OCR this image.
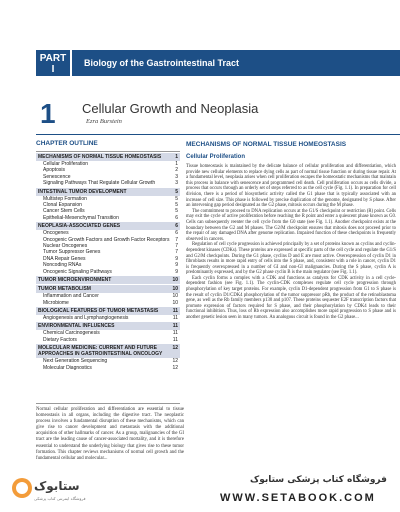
PART
I
Biology of the Gastrointestinal Tract
1 Cellular Growth and Neoplasia
Ezra Burstein
CHAPTER OUTLINE
MECHANISMS OF NORMAL TISSUE HOMEOSTASIS	1
Cellular Proliferation	1
Apoptosis	2
Senescence	3
Signaling Pathways That Regulate Cellular Growth	3
INTESTINAL TUMOR DEVELOPMENT	5
Multistep Formation	5
Clonal Expansion	5
Cancer Stem Cells	5
Epithelial-Mesenchymal Transition	6
NEOPLASIA-ASSOCIATED GENES	6
Oncogenes	6
Oncogenic Growth Factors and Growth Factor Receptors 7
Nuclear Oncogenes	7
Tumor Suppressor Genes	7
DNA Repair Genes	9
Noncoding RNAs	9
Oncogenic Signaling Pathways	9
TUMOR MICROENVIRONMENT	10
TUMOR METABOLISM	10
Inflammation and Cancer	10
Microbiome	10
BIOLOGICAL FEATURES OF TUMOR METASTASIS	11
Angiogenesis and Lymphangiogenesis	11
ENVIRONMENTAL INFLUENCES	11
Chemical Carcinogenesis	11
Dietary Factors	11
MOLECULAR MEDICINE: CURRENT AND FUTURE APPROACHES IN GASTROINTESTINAL ONCOLOGY
12
Next Generation Sequencing	12
Molecular Diagnostics	12
Normal cellular proliferation and differentiation are essential to tissue homeostasis in all organs, including the digestive tract. The neoplastic process involves a fundamental disruption of these mechanisms, which can give rise to cancer development and metastasis with the additional acquisition of other hallmarks of cancer. As a group, malignancies of the GI tract are the leading cause of cancer-associated mortality, and it is therefore essential to understand the underlying biology that gives rise to these tumor formation. This chapter reviews mechanisms of normal cell growth and the fundamental cellular and molecular...
MECHANISMS OF NORMAL TISSUE HOMEOSTASIS
Cellular Proliferation

Tissue homeostasis is maintained by the delicate balance of cellular proliferation and differentiation, which provide new cellular elements to replace dying cells as part of normal tissue function or during tissue repair. At a fundamental level, neoplasia arises when cell proliferation escapes the homeostatic mechanisms that maintain this process in balance with senescence and programmed cell death. Cell proliferation occurs as cells divide, a process that occurs through an orderly set of steps referred to as the cell cycle (Fig. 1.1). In preparation for cell division, there is a period of biosynthetic activity called the G1 phase that is typically associated with an increase of cell size. This phase is followed by precise duplication of the genome, designated by S phase. After an intervening gap period designated as the G2 phase, mitosis occurs during the M phase.

The commitment to proceed to DNA replication occurs at the G1/S checkpoint or restriction (R) point. Cells may exit the cycle of active proliferation before reaching the R point and enter a quiescent phase known as G0. Cells can subsequently reenter the cell cycle from the G0 state (see Fig. 1.1). Another checkpoint exists at the boundary between the G2 and M phases. The G2/M checkpoint ensures that mitosis does not proceed prior to the repair of any damaged DNA after genome replication. Impaired function of these checkpoints is frequently observed in cancers.

Regulation of cell cycle progression is achieved principally by a set of proteins known as cyclins and cyclin-dependent kinases (CDKs). These proteins are expressed at specific parts of the cell cycle and regulate the G1/S and G2/M checkpoints. During the G1 phase, cyclins D and E are most active. Overexpression of cyclin D1 in fibroblasts results in more rapid entry of cells into the S phase, and, consistent with a role in cancer, cyclin D1 is frequently overexpressed in a number of GI and non-GI malignancies. During the S phase, cyclin A is predominantly expressed, and by the G2 phase cyclin B is the main regulator (see Fig. 1.1).

Each cyclin forms a complex with a CDK and functions as catalysts for CDK activity in a cell cycle-dependent fashion (see Fig. 1.1). The cyclin-CDK complexes regulate cell cycle progression through phosphorylation of key target proteins. For example, cyclin D1-dependent progression from G1 to S phase is the result of cyclin D1/CDK4 phosphorylation of the tumor suppressor pRb, the product of the retinoblastoma gene, as well as the Rb family members p130 and p107. These proteins sequester E2F transcription factors that promote expression of factors required for S phase, and their phosphorylation by CDK4 leads to their functional inhibition. Thus, loss of Rb expression also accomplishes more rapid progression to S phase and is another genetic lesion seen in many tumors. An analogous circuit is found in the G2 phase...

ستابوک
فروشگاه اینترنتی کتاب پزشکی
فروشگاه کتاب پزشکی ستابوک
WWW.SETABOOK.COM
